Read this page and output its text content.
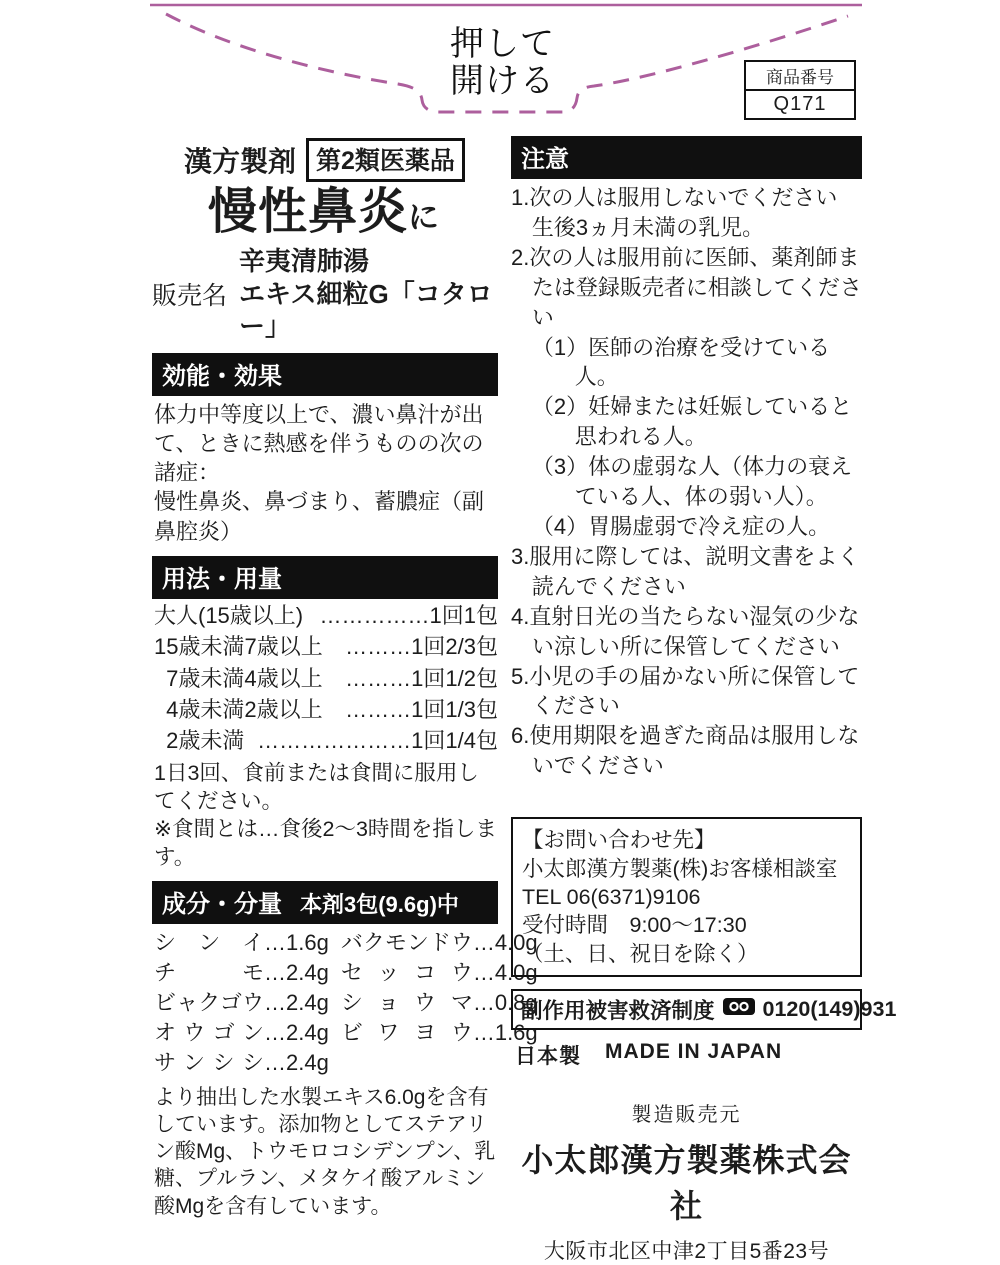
押して
開ける	商品番号
Q171
漢方製剤 第2類医薬品
慢性鼻炎に
販売名
辛夷清肺湯
エキス細粒G「コタロー」
効能・効果
体力中等度以上で、濃い鼻汁が出て、ときに熱感を伴うものの次の諸症：
慢性鼻炎、鼻づまり、蓄膿症（副鼻腔炎）
用法・用量
大人(15歳以上) ……………1回1包
15歳未満7歳以上 ………1回2/3包
7歳未満4歳以上 ………1回1/2包
4歳未満2歳以上 ………1回1/3包
2歳未満 …………………1回1/4包
1日3回、食前または食間に服用してください。
※食間とは…食後2〜3時間を指します。
成分・分量 本剤3包(9.6g)中
シンイ…1.6g バクモンドウ…4.0g
チモ…2.4g セッコウ…4.0g
ビャクゴウ…2.4g ショウマ…0.8g
オウゴン…2.4g ビワヨウ…1.6g
サンシシ…2.4g
より抽出した水製エキス6.0gを含有しています。添加物としてステアリン酸Mg、トウモロコシデンプン、乳糖、プルラン、メタケイ酸アルミン酸Mgを含有しています。
注意
1.次の人は服用しないでください
生後3ヵ月未満の乳児。
2.次の人は服用前に医師、薬剤師または登録販売者に相談してください
（1）医師の治療を受けている人。
（2）妊婦または妊娠していると思われる人。
（3）体の虚弱な人（体力の衰えている人、体の弱い人）。
（4）胃腸虚弱で冷え症の人。
3.服用に際しては、説明文書をよく読んでください
4.直射日光の当たらない湿気の少ない涼しい所に保管してください
5.小児の手の届かない所に保管してください
6.使用期限を過ぎた商品は服用しないでください
【お問い合わせ先】
小太郎漢方製薬(株)お客様相談室
TEL 06(6371)9106
受付時間　9:00～17:30
（土、日、祝日を除く）
副作用被害救済制度 0120(149)931
日本製 MADE IN JAPAN
製造販売元
小太郎漢方製薬株式会社
大阪市北区中津2丁目5番23号
